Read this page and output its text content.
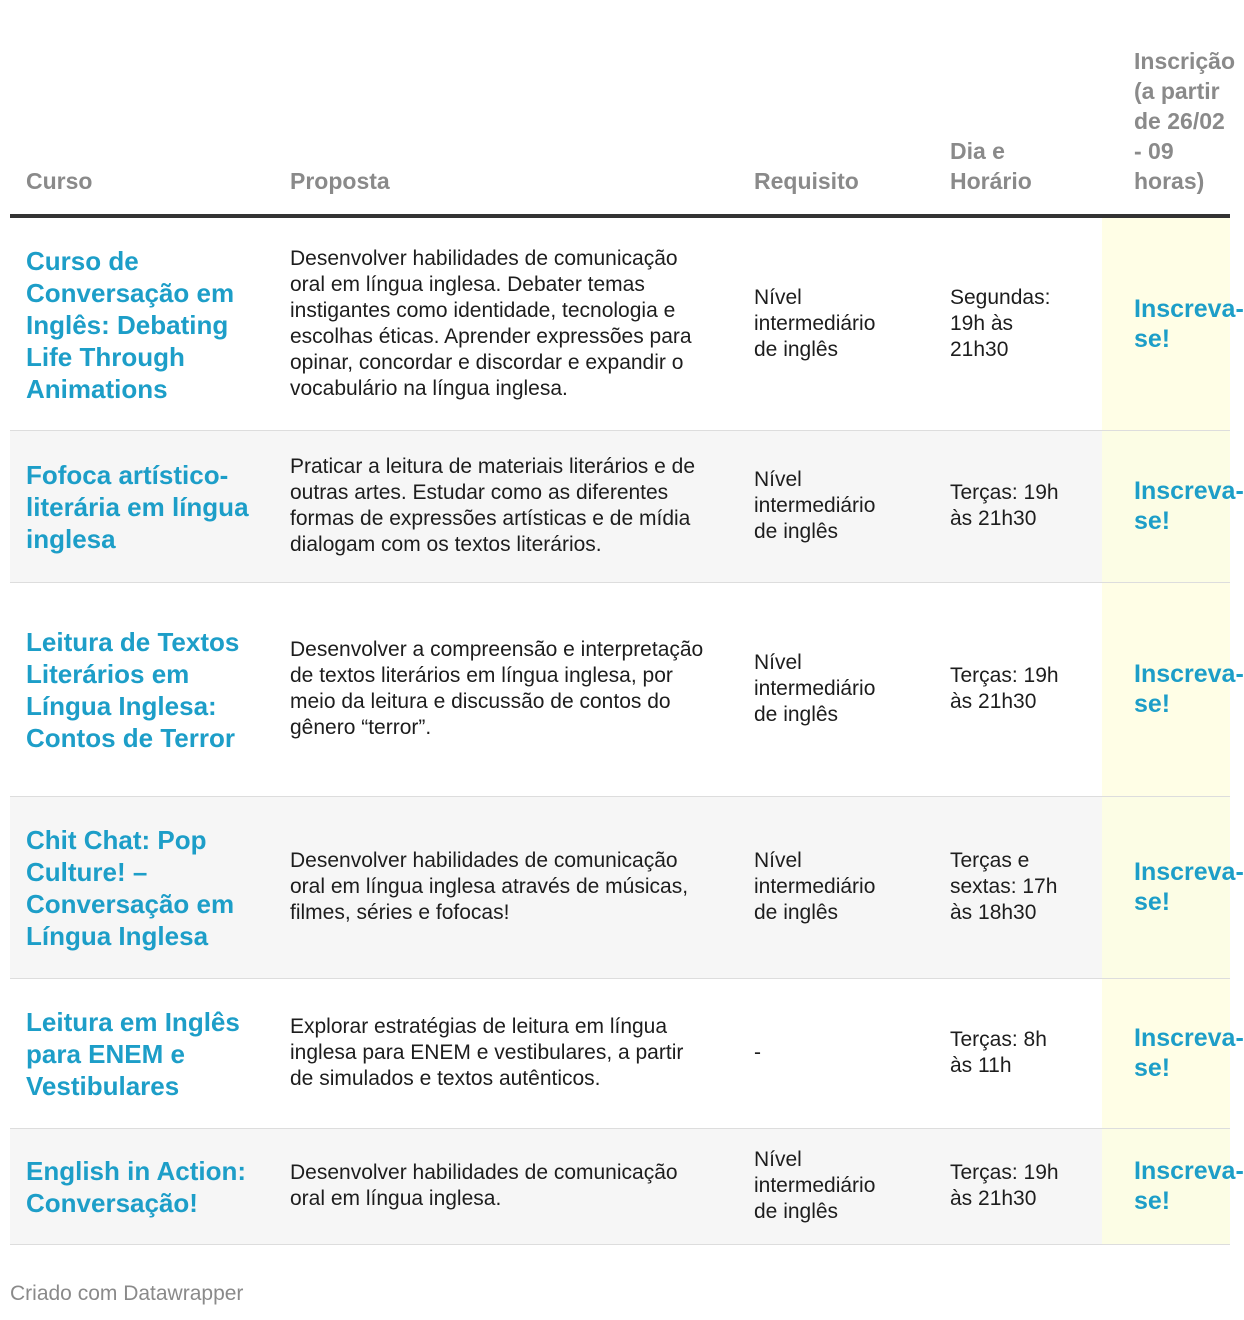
Curso	Proposta	Requisito	Dia e Horário	Inscrição (a partir de 26/02 - 09 horas)
Curso de Conversação em Inglês: Debating Life Through Animations	Desenvolver habilidades de comunicação oral em língua inglesa. Debater temas instigantes como identidade, tecnologia e escolhas éticas. Aprender expressões para opinar, concordar e discordar e expandir o vocabulário na língua inglesa.	Nível intermediário de inglês	Segundas: 19h às 21h30	Inscreva-se!
Fofoca artístico-literária em língua inglesa	Praticar a leitura de materiais literários e de outras artes. Estudar como as diferentes formas de expressões artísticas e de mídia dialogam com os textos literários.	Nível intermediário de inglês	Terças: 19h às 21h30	Inscreva-se!
Leitura de Textos Literários em Língua Inglesa: Contos de Terror	Desenvolver a compreensão e interpretação de textos literários em língua inglesa, por meio da leitura e discussão de contos do gênero “terror”.	Nível intermediário de inglês	Terças: 19h às 21h30	Inscreva-se!
Chit Chat: Pop Culture! – Conversação em Língua Inglesa	Desenvolver habilidades de comunicação oral em língua inglesa através de músicas, filmes, séries e fofocas!	Nível intermediário de inglês	Terças e sextas: 17h às 18h30	Inscreva-se!
Leitura em Inglês para ENEM e Vestibulares	Explorar estratégias de leitura em língua inglesa para ENEM e vestibulares, a partir de simulados e textos autênticos.	-	Terças: 8h às 11h	Inscreva-se!
English in Action: Conversação!	Desenvolver habilidades de comunicação oral em língua inglesa.	Nível intermediário de inglês	Terças: 19h às 21h30	Inscreva-se!
Criado com Datawrapper
